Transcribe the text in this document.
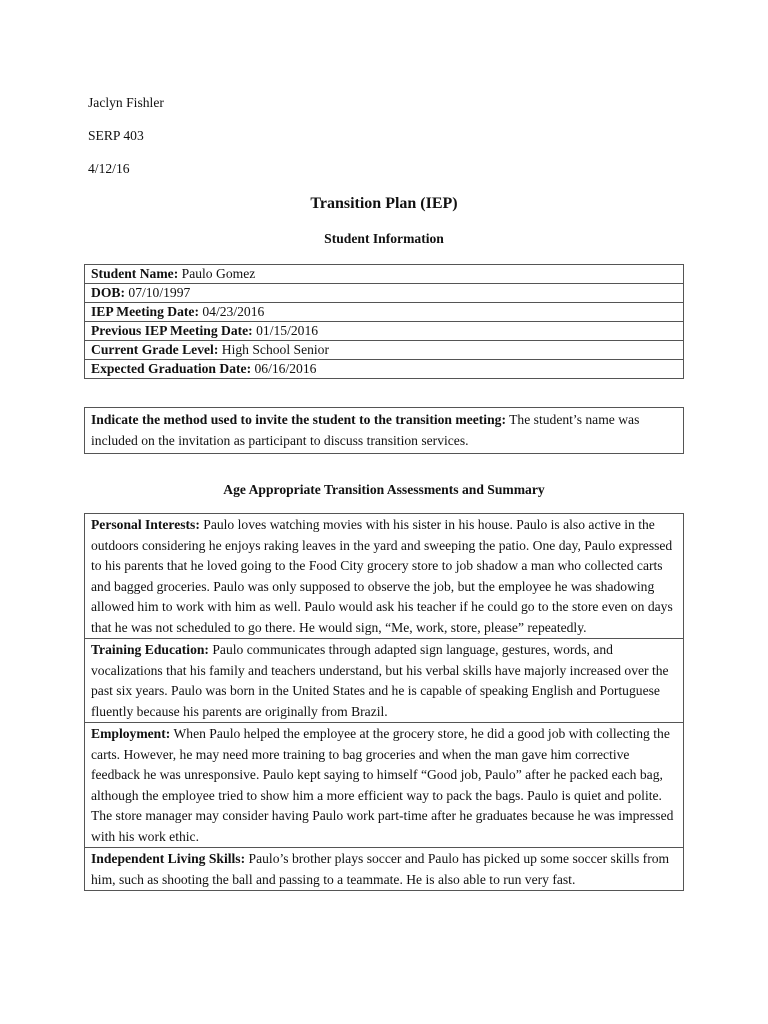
Jaclyn Fishler
SERP 403
4/12/16
Transition Plan (IEP)
Student Information
Student Name: Paulo Gomez
DOB: 07/10/1997
IEP Meeting Date: 04/23/2016
Previous IEP Meeting Date: 01/15/2016
Current Grade Level: High School Senior
Expected Graduation Date: 06/16/2016
Indicate the method used to invite the student to the transition meeting: The student’s name was included on the invitation as participant to discuss transition services.
Age Appropriate Transition Assessments and Summary
Personal Interests: Paulo loves watching movies with his sister in his house. Paulo is also active in the outdoors considering he enjoys raking leaves in the yard and sweeping the patio. One day, Paulo expressed to his parents that he loved going to the Food City grocery store to job shadow a man who collected carts and bagged groceries. Paulo was only supposed to observe the job, but the employee he was shadowing allowed him to work with him as well. Paulo would ask his teacher if he could go to the store even on days that he was not scheduled to go there. He would sign, “Me, work, store, please” repeatedly.
Training Education: Paulo communicates through adapted sign language, gestures, words, and vocalizations that his family and teachers understand, but his verbal skills have majorly increased over the past six years. Paulo was born in the United States and he is capable of speaking English and Portuguese fluently because his parents are originally from Brazil.
Employment: When Paulo helped the employee at the grocery store, he did a good job with collecting the carts. However, he may need more training to bag groceries and when the man gave him corrective feedback he was unresponsive. Paulo kept saying to himself “Good job, Paulo” after he packed each bag, although the employee tried to show him a more efficient way to pack the bags. Paulo is quiet and polite. The store manager may consider having Paulo work part-time after he graduates because he was impressed with his work ethic.
Independent Living Skills: Paulo’s brother plays soccer and Paulo has picked up some soccer skills from him, such as shooting the ball and passing to a teammate. He is also able to run very fast.
